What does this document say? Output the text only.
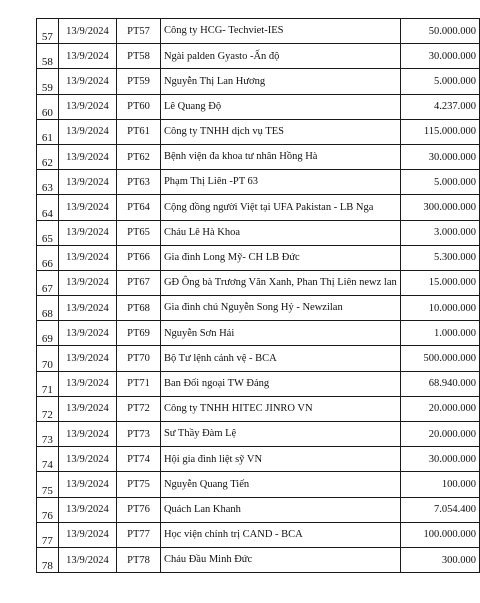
57	13/9/2024	PT57	Công ty HCG- Techviet-IES	50.000.000
58	13/9/2024	PT58	Ngài palden Gyasto -Ấn độ	30.000.000
59	13/9/2024	PT59	Nguyễn Thị Lan Hương	5.000.000
60	13/9/2024	PT60	Lê Quang Độ	4.237.000
61	13/9/2024	PT61	Công ty TNHH dịch vụ TES	115.000.000
62	13/9/2024	PT62	Bệnh viện đa khoa tư nhân Hồng Hà	30.000.000
63	13/9/2024	PT63	Phạm Thị Liên -PT 63	5.000.000
64	13/9/2024	PT64	Cộng đồng người Việt tại UFA Pakistan - LB Nga	300.000.000
65	13/9/2024	PT65	Cháu Lê Hà Khoa	3.000.000
66	13/9/2024	PT66	Gia đình Long Mỹ- CH LB Đức	5.300.000
67	13/9/2024	PT67	GĐ Ông bà Trương Văn Xanh, Phan Thị Liên newz lan	15.000.000
68	13/9/2024	PT68	Gia đình chú Nguyễn Song Hỷ - Newzilan	10.000.000
69	13/9/2024	PT69	Nguyễn Sơn Hải	1.000.000
70	13/9/2024	PT70	Bộ Tư lệnh cảnh vệ - BCA	500.000.000
71	13/9/2024	PT71	Ban Đối ngoại TW Đảng	68.940.000
72	13/9/2024	PT72	Công ty TNHH HITEC JINRO VN	20.000.000
73	13/9/2024	PT73	Sư Thầy Đàm Lệ	20.000.000
74	13/9/2024	PT74	Hội gia đình liệt sỹ VN	30.000.000
75	13/9/2024	PT75	Nguyễn Quang Tiến	100.000
76	13/9/2024	PT76	Quách Lan Khanh	7.054.400
77	13/9/2024	PT77	Học viện chính trị CAND - BCA	100.000.000
78	13/9/2024	PT78	Cháu Đầu Minh Đức	300.000
